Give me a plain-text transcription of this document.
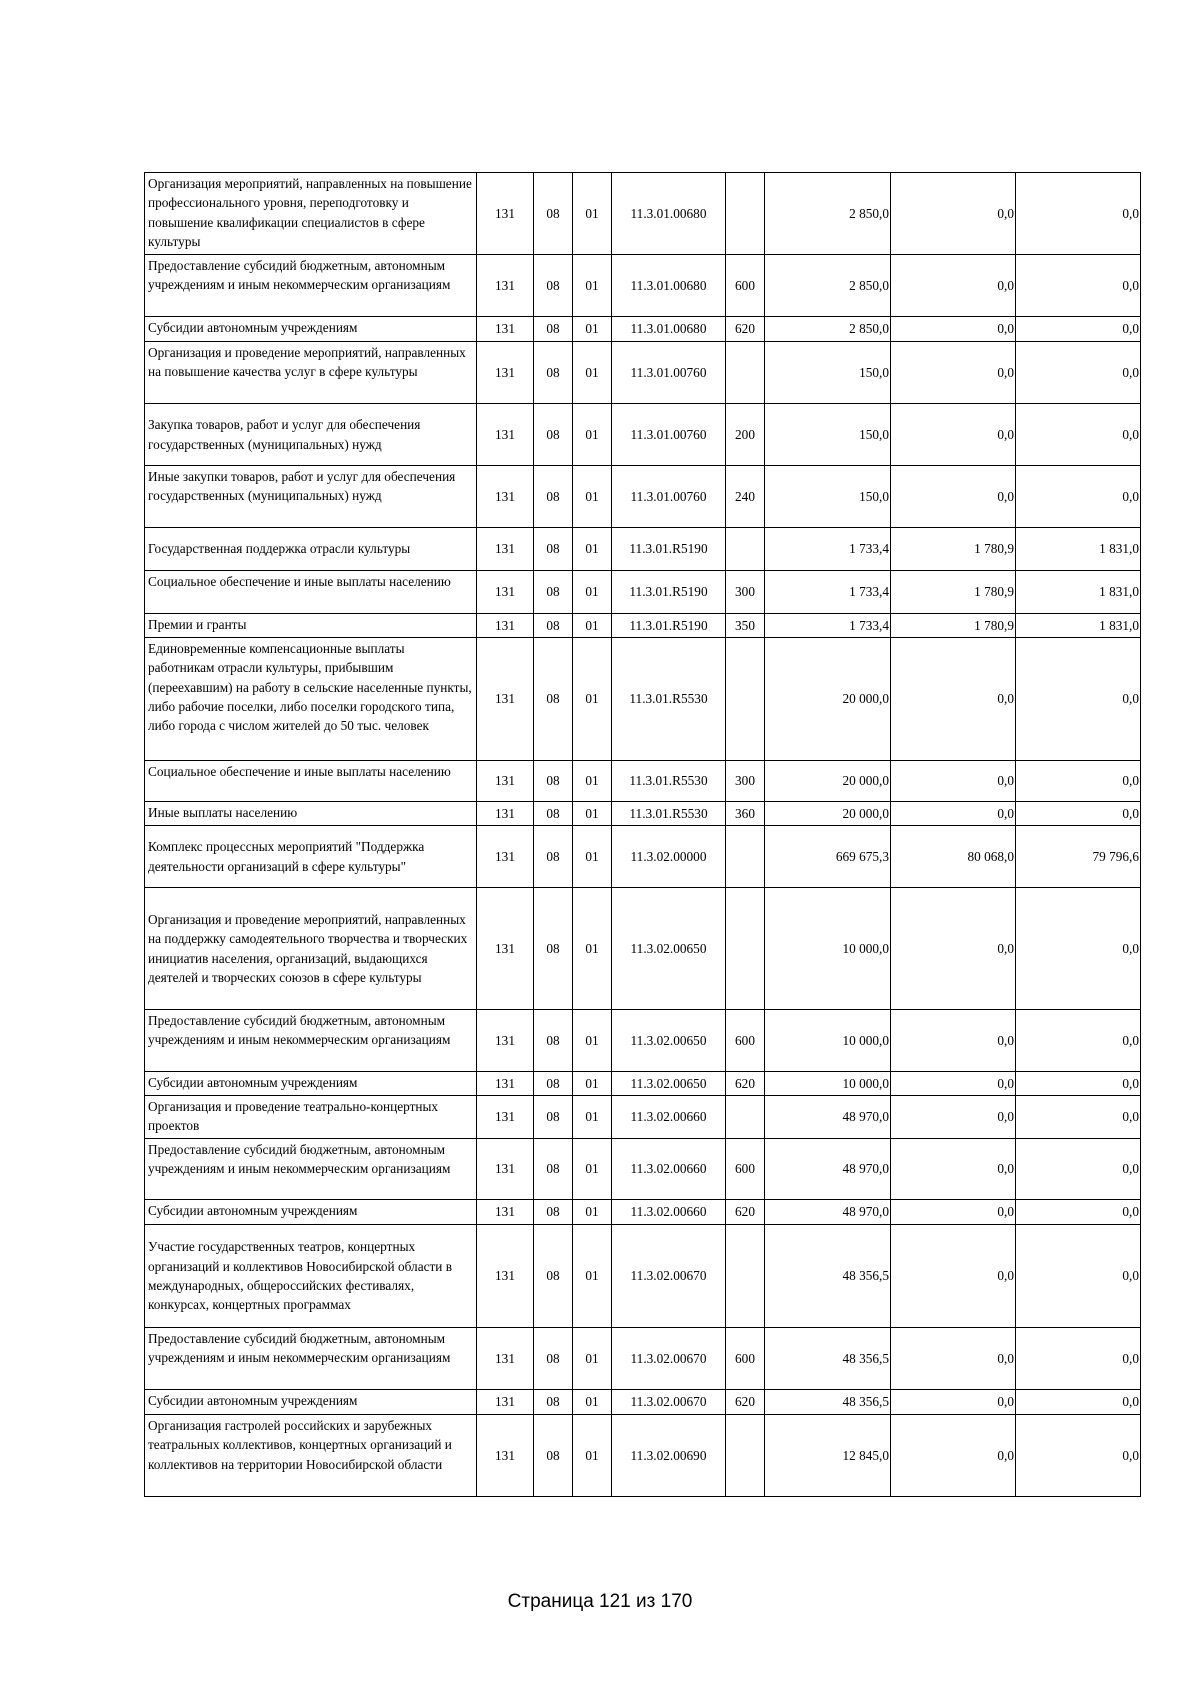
Организация мероприятий, направленных на повышение профессионального уровня, переподготовку и повышение квалификации специалистов в сфере культуры	131	08	01	11.3.01.00680		2 850,0	0,0	0,0
Предоставление субсидий бюджетным, автономным учреждениям и иным некоммерческим организациям	131	08	01	11.3.01.00680	600	2 850,0	0,0	0,0
Субсидии автономным учреждениям	131	08	01	11.3.01.00680	620	2 850,0	0,0	0,0
Организация и проведение мероприятий, направленных на повышение качества услуг в сфере культуры	131	08	01	11.3.01.00760		150,0	0,0	0,0
Закупка товаров, работ и услуг для обеспечения государственных (муниципальных) нужд	131	08	01	11.3.01.00760	200	150,0	0,0	0,0
Иные закупки товаров, работ и услуг для обеспечения государственных (муниципальных) нужд	131	08	01	11.3.01.00760	240	150,0	0,0	0,0
Государственная поддержка отрасли культуры	131	08	01	11.3.01.R5190		1 733,4	1 780,9	1 831,0
Социальное обеспечение и иные выплаты населению	131	08	01	11.3.01.R5190	300	1 733,4	1 780,9	1 831,0
Премии и гранты	131	08	01	11.3.01.R5190	350	1 733,4	1 780,9	1 831,0
Единовременные компенсационные выплаты работникам отрасли культуры, прибывшим (переехавшим) на работу в сельские населенные пункты, либо рабочие поселки, либо поселки городского типа, либо города с числом жителей до 50 тыс. человек	131	08	01	11.3.01.R5530		20 000,0	0,0	0,0
Социальное обеспечение и иные выплаты населению	131	08	01	11.3.01.R5530	300	20 000,0	0,0	0,0
Иные выплаты населению	131	08	01	11.3.01.R5530	360	20 000,0	0,0	0,0
Комплекс процессных мероприятий "Поддержка деятельности организаций в сфере культуры"	131	08	01	11.3.02.00000		669 675,3	80 068,0	79 796,6
Организация и проведение мероприятий, направленных на поддержку самодеятельного творчества и творческих инициатив населения, организаций, выдающихся деятелей и творческих союзов в сфере культуры	131	08	01	11.3.02.00650		10 000,0	0,0	0,0
Предоставление субсидий бюджетным, автономным учреждениям и иным некоммерческим организациям	131	08	01	11.3.02.00650	600	10 000,0	0,0	0,0
Субсидии автономным учреждениям	131	08	01	11.3.02.00650	620	10 000,0	0,0	0,0
Организация и проведение театрально-концертных проектов	131	08	01	11.3.02.00660		48 970,0	0,0	0,0
Предоставление субсидий бюджетным, автономным учреждениям и иным некоммерческим организациям	131	08	01	11.3.02.00660	600	48 970,0	0,0	0,0
Субсидии автономным учреждениям	131	08	01	11.3.02.00660	620	48 970,0	0,0	0,0
Участие государственных театров, концертных организаций и коллективов Новосибирской области в международных, общероссийских фестивалях, конкурсах, концертных программах	131	08	01	11.3.02.00670		48 356,5	0,0	0,0
Предоставление субсидий бюджетным, автономным учреждениям и иным некоммерческим организациям	131	08	01	11.3.02.00670	600	48 356,5	0,0	0,0
Субсидии автономным учреждениям	131	08	01	11.3.02.00670	620	48 356,5	0,0	0,0
Организация гастролей российских и зарубежных театральных коллективов, концертных организаций и коллективов на территории Новосибирской области	131	08	01	11.3.02.00690		12 845,0	0,0	0,0
Страница 121 из 170
